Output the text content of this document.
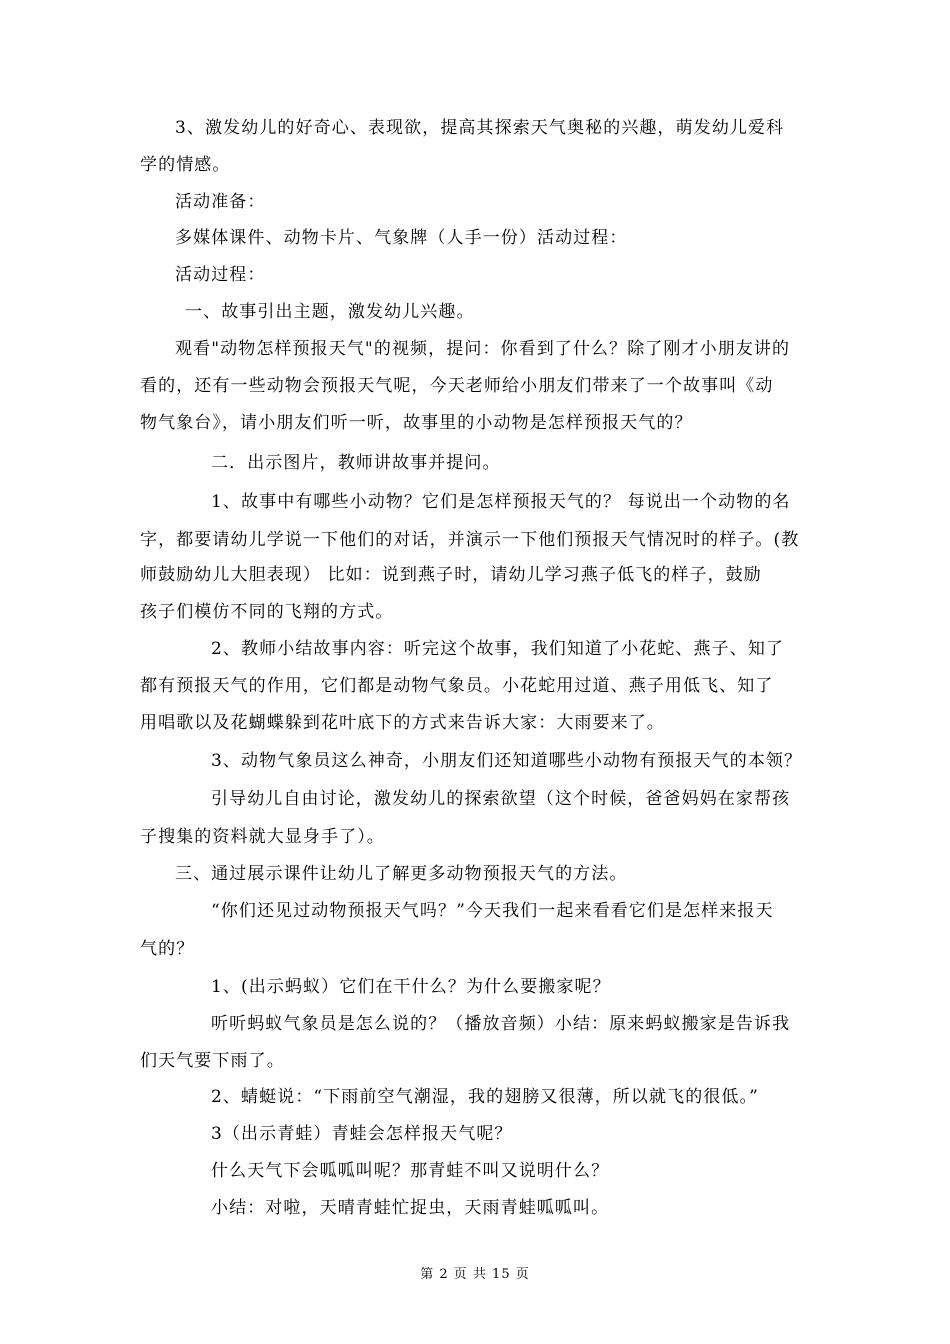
3、激发幼儿的好奇心、表现欲，提高其探索天气奥秘的兴趣，萌发幼儿爱科
学的情感。
活动准备：
多媒体课件、动物卡片、气象牌（人手一份）活动过程：
活动过程：
一、故事引出主题，激发幼儿兴趣。
观看"动物怎样预报天气"的视频，提问：你看到了什么？除了刚才小朋友讲的
看的，还有一些动物会预报天气呢，今天老师给小朋友们带来了一个故事叫《动
物气象台》，请小朋友们听一听，故事里的小动物是怎样预报天气的？
二．出示图片，教师讲故事并提问。
1、故事中有哪些小动物？它们是怎样预报天气的？ 每说出一个动物的名
字，都要请幼儿学说一下他们的对话，并演示一下他们预报天气情况时的样子。(教
师鼓励幼儿大胆表现） 比如：说到燕子时，请幼儿学习燕子低飞的样子，鼓励
孩子们模仿不同的飞翔的方式。
2、教师小结故事内容：听完这个故事，我们知道了小花蛇、燕子、知了
都有预报天气的作用，它们都是动物气象员。小花蛇用过道、燕子用低飞、知了
用唱歌以及花蝴蝶躲到花叶底下的方式来告诉大家：大雨要来了。
3、动物气象员这么神奇，小朋友们还知道哪些小动物有预报天气的本领？
引导幼儿自由讨论，激发幼儿的探索欲望（这个时候，爸爸妈妈在家帮孩
子搜集的资料就大显身手了）。
三、通过展示课件让幼儿了解更多动物预报天气的方法。
“你们还见过动物预报天气吗？”今天我们一起来看看它们是怎样来报天
气的？
1、(出示蚂蚁）它们在干什么？为什么要搬家呢？
听听蚂蚁气象员是怎么说的？（播放音频）小结：原来蚂蚁搬家是告诉我
们天气要下雨了。
2、蜻蜓说：“下雨前空气潮湿，我的翅膀又很薄，所以就飞的很低。”
3（出示青蛙）青蛙会怎样报天气呢？
什么天气下会呱呱叫呢？那青蛙不叫又说明什么？
小结：对啦，天晴青蛙忙捉虫，天雨青蛙呱呱叫。
第 2 页 共 15 页
